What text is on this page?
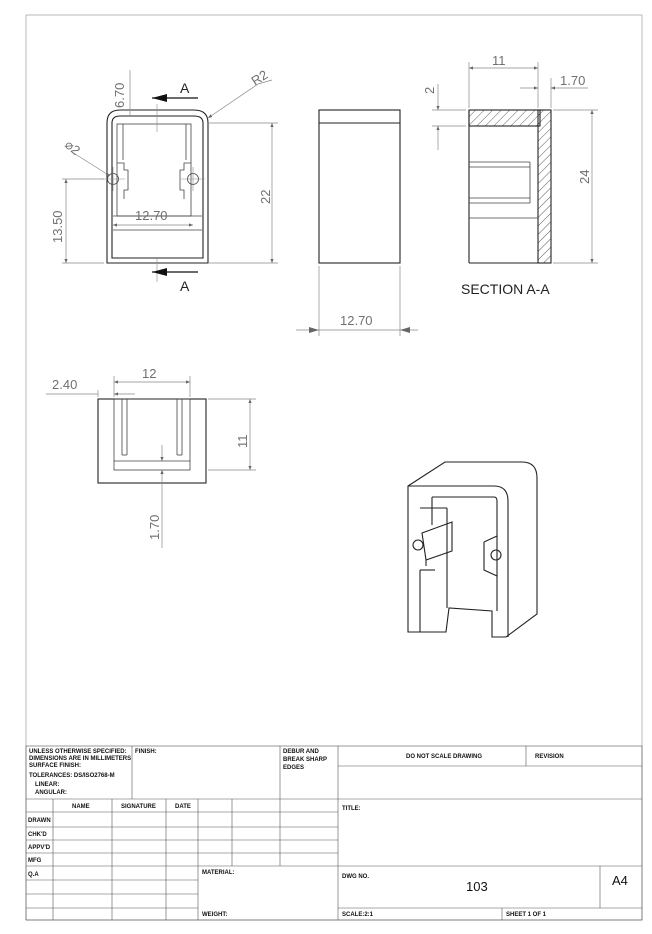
A
A
6.70
R2
⌀2
22
13.50	12.70
12.70
11
1.70
2
24
SECTION A-A
12
2.40
11
1.70
UNLESS OTHERWISE SPECIFIED:
DIMENSIONS ARE IN MILLIMETERS
SURFACE FINISH:
TOLERANCES: DS/ISO2768-M
LINEAR:
ANGULAR:
FINISH:	DEBUR AND
BREAK SHARP
EDGES
DO NOT SCALE DRAWING	REVISION
NAME	SIGNATURE	DATE
DRAWN
CHK'D
APPV'D
MFG
Q.A
TITLE:
MATERIAL:
WEIGHT:
DWG NO.
103	A4
SCALE:2:1	SHEET 1 OF 1
